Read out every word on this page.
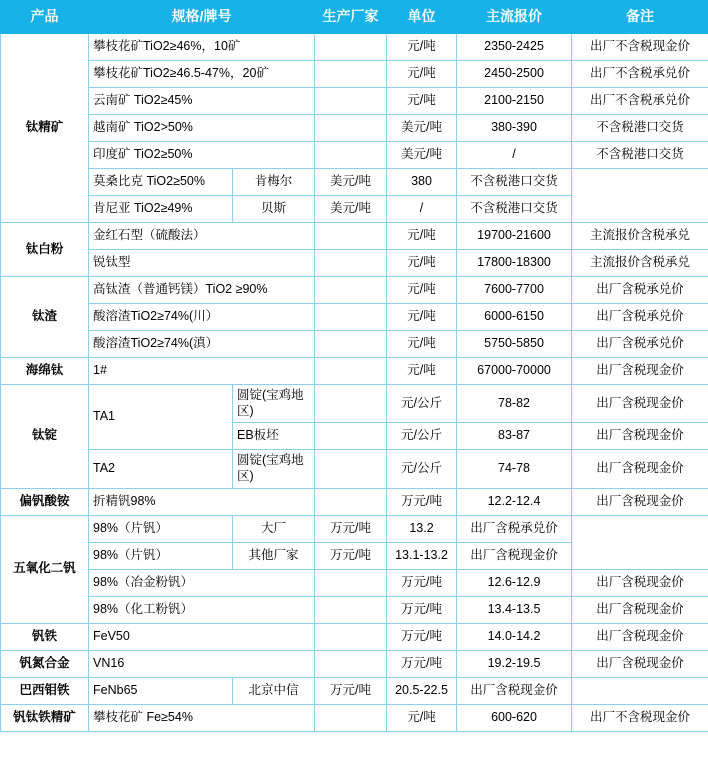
产品	规格/牌号		生产厂家	单位	主流报价	备注
钛精矿	攀枝花矿TiO2≥46%，10矿			元/吨	2350-2425	出厂不含税现金价
	攀枝花矿TiO2≥46.5-47%，20矿			元/吨	2450-2500	出厂不含税承兑价
	云南矿 TiO2≥45%			元/吨	2100-2150	出厂不含税承兑价
	越南矿 TiO2>50%			美元/吨	380-390	不含税港口交货
	印度矿 TiO2≥50%			美元/吨	/	不含税港口交货
	莫桑比克 TiO2≥50%	肯梅尔	美元/吨	380	不含税港口交货	
	肯尼亚 TiO2≥49%	贝斯	美元/吨	/	不含税港口交货	
钛白粉	金红石型（硫酸法）			元/吨	19700-21600	主流报价含税承兑
	锐钛型			元/吨	17800-18300	主流报价含税承兑
钛渣	高钛渣（普通钙镁）TiO2 ≥90%			元/吨	7600-7700	出厂含税承兑价
	酸溶渣TiO2≥74%(川）			元/吨	6000-6150	出厂含税承兑价
	酸溶渣TiO2≥74%(滇）			元/吨	5750-5850	出厂含税承兑价
海绵钛	1#			元/吨	67000-70000	出厂含税现金价
钛锭	TA1	圆锭(宝鸡地区)		元/公斤	78-82	出厂含税现金价
		EB板坯		元/公斤	83-87	出厂含税现金价
	TA2	圆锭(宝鸡地区)		元/公斤	74-78	出厂含税现金价
偏钒酸铵	折精钒98%			万元/吨	12.2-12.4	出厂含税现金价
五氧化二钒	98%（片钒）	大厂	万元/吨	13.2	出厂含税承兑价	
	98%（片钒）	其他厂家	万元/吨	13.1-13.2	出厂含税现金价	
	98%（冶金粉钒）			万元/吨	12.6-12.9	出厂含税现金价
	98%（化工粉钒）			万元/吨	13.4-13.5	出厂含税现金价
钒铁	FeV50			万元/吨	14.0-14.2	出厂含税现金价
钒氮合金	VN16			万元/吨	19.2-19.5	出厂含税现金价
巴西钼铁	FeNb65	北京中信	万元/吨	20.5-22.5	出厂含税现金价	
钒钛铁精矿	攀枝花矿 Fe≥54%			元/吨	600-620	出厂不含税现金价
